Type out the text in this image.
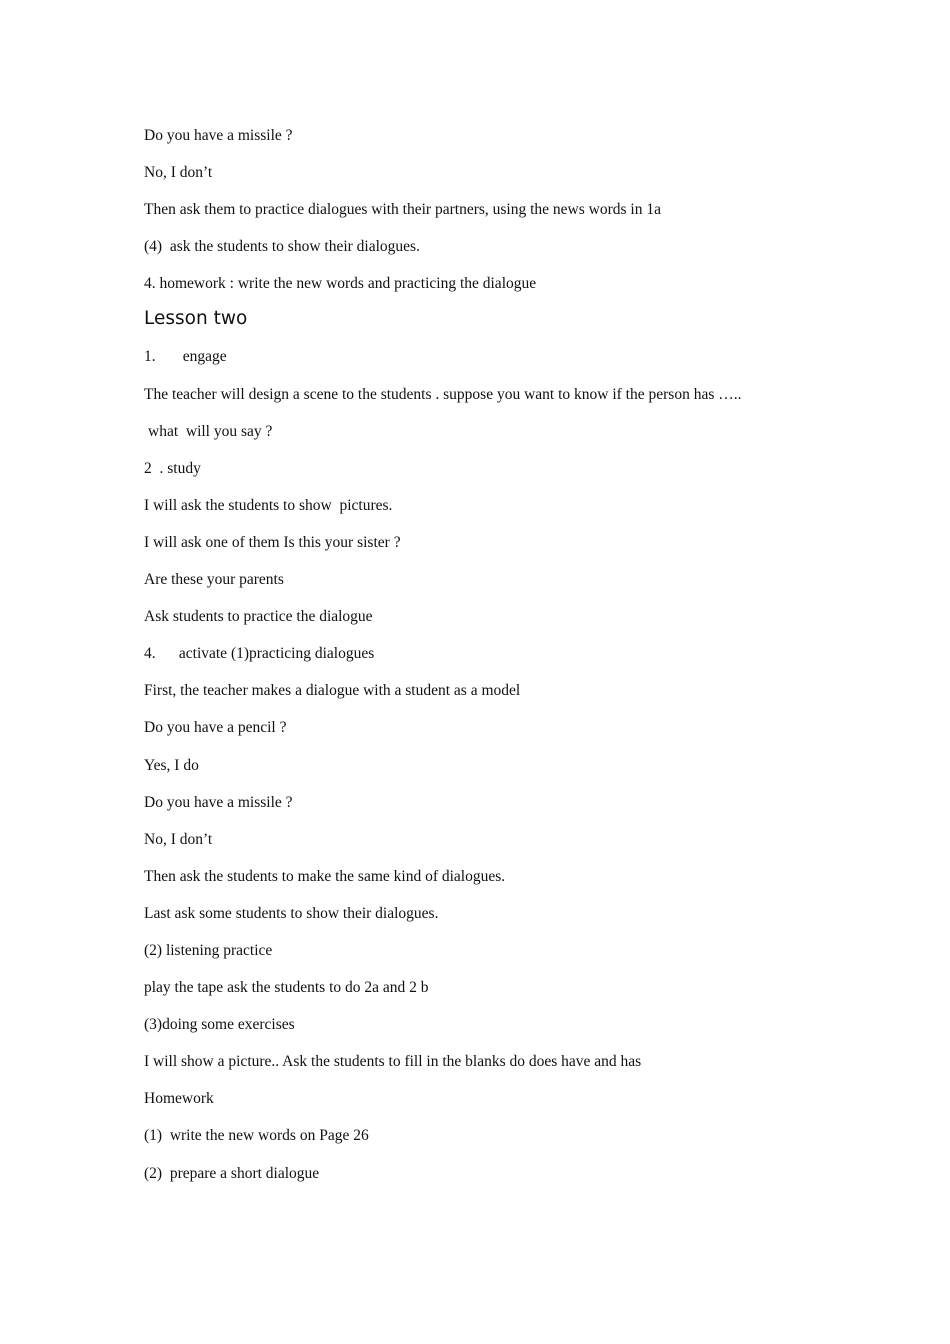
Do you have a missile ?
No, I don’t
Then ask them to practice dialogues with their partners, using the news words in 1a
(4)  ask the students to show their dialogues.
4. homework : write the new words and practicing the dialogue
Lesson two
1.       engage
The teacher will design a scene to the students . suppose you want to know if the person has …..
what  will you say ?
2  . study
I will ask the students to show  pictures.
I will ask one of them Is this your sister ?
Are these your parents
Ask students to practice the dialogue
4.      activate (1)practicing dialogues
First, the teacher makes a dialogue with a student as a model
Do you have a pencil ?
Yes, I do
Do you have a missile ?
No, I don’t
Then ask the students to make the same kind of dialogues.
Last ask some students to show their dialogues.
(2) listening practice
play the tape ask the students to do 2a and 2 b
(3)doing some exercises
I will show a picture.. Ask the students to fill in the blanks do does have and has
Homework
(1)  write the new words on Page 26
(2)  prepare a short dialogue
